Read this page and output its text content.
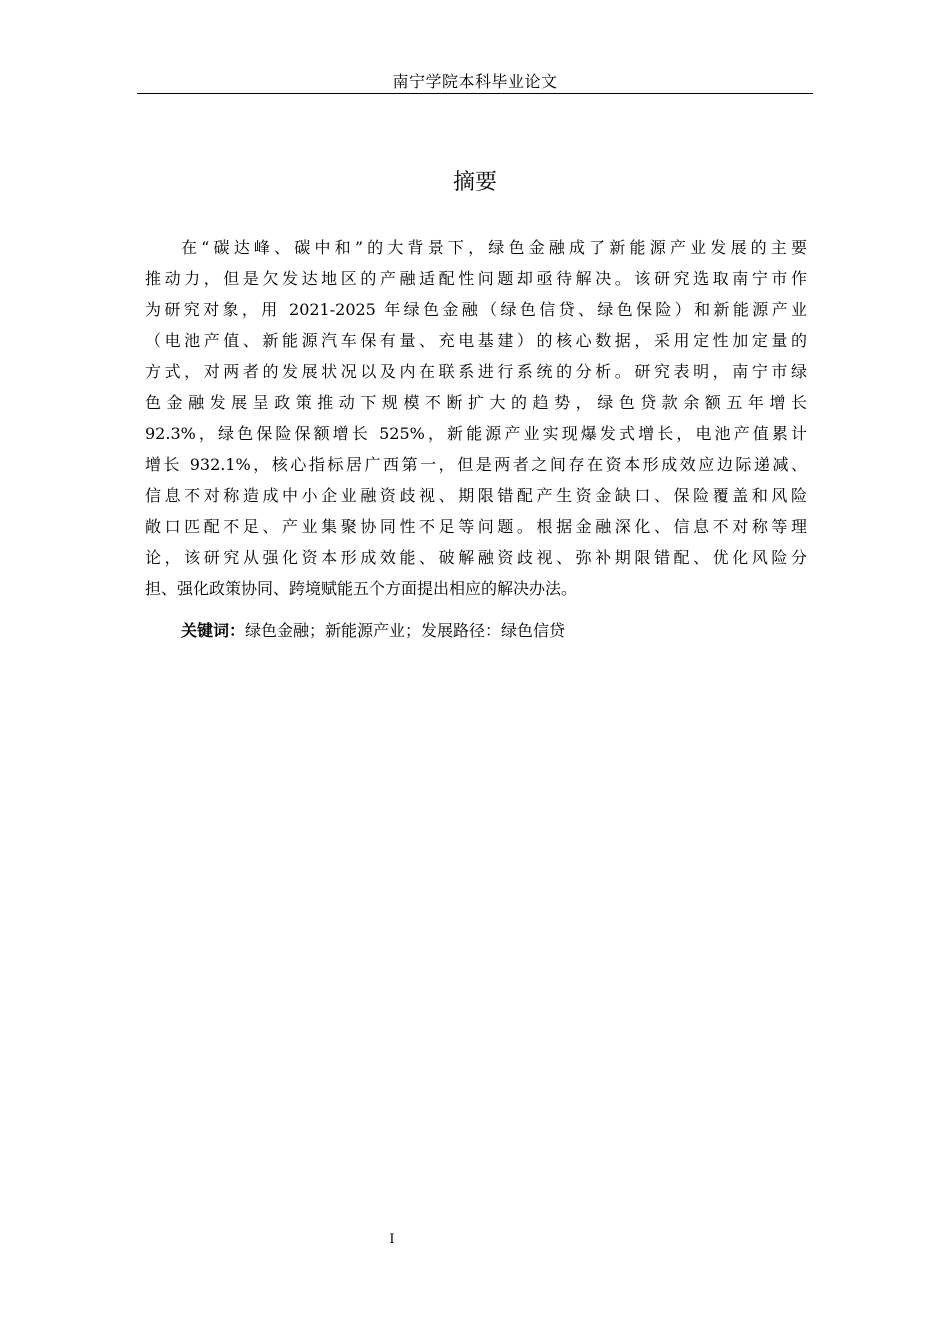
南宁学院本科毕业论文
摘要
在“碳达峰、碳中和”的大背景下，绿色金融成了新能源产业发展的主要
推动力，但是欠发达地区的产融适配性问题却亟待解决。该研究选取南宁市作
为研究对象，用 2021-2025 年绿色金融（绿色信贷、绿色保险）和新能源产业
（电池产值、新能源汽车保有量、充电基建）的核心数据，采用定性加定量的
方式，对两者的发展状况以及内在联系进行系统的分析。研究表明，南宁市绿
色金融发展呈政策推动下规模不断扩大的趋势，绿色贷款余额五年增长
92.3%，绿色保险保额增长 525%，新能源产业实现爆发式增长，电池产值累计
增长 932.1%，核心指标居广西第一，但是两者之间存在资本形成效应边际递减、
信息不对称造成中小企业融资歧视、期限错配产生资金缺口、保险覆盖和风险
敞口匹配不足、产业集聚协同性不足等问题。根据金融深化、信息不对称等理
论，该研究从强化资本形成效能、破解融资歧视、弥补期限错配、优化风险分
担、强化政策协同、跨境赋能五个方面提出相应的解决办法。
关键词：绿色金融；新能源产业；发展路径：绿色信贷
I
